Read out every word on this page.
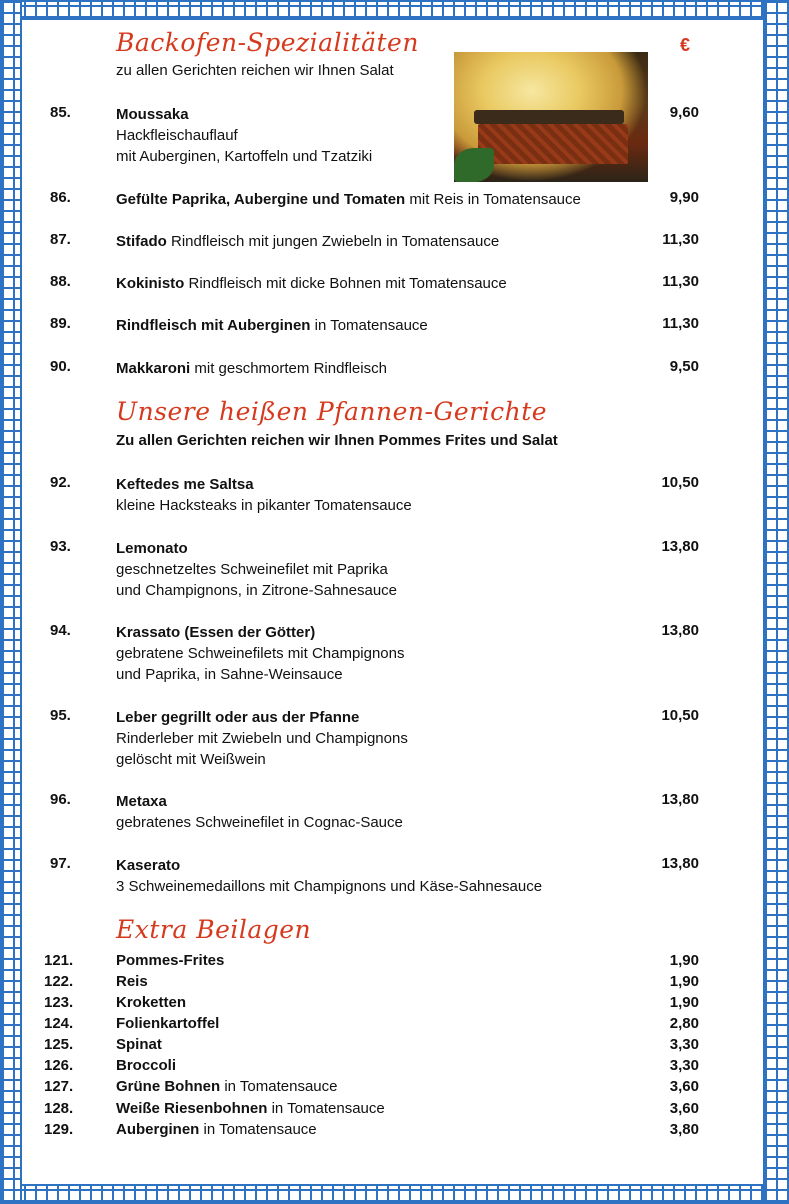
Backofen-Spezialitäten	€
zu allen Gerichten reichen wir Ihnen Salat
85.	Moussaka
Hackfleischauflauf
mit Auberginen, Kartoffeln und Tzatziki
9,60
86.	Gefülte Paprika, Aubergine und Tomaten mit Reis in Tomatensauce	9,90
87.	Stifado Rindfleisch mit jungen Zwiebeln in Tomatensauce	11,30
88.	Kokinisto Rindfleisch mit dicke Bohnen mit Tomatensauce	11,30
89.	Rindfleisch mit Auberginen in Tomatensauce	11,30
90.	Makkaroni mit geschmortem Rindfleisch	9,50
Unsere heißen Pfannen-Gerichte
Zu allen Gerichten reichen wir Ihnen Pommes Frites und Salat
92.	Keftedes me Saltsa
kleine Hacksteaks in pikanter Tomatensauce
10,50
93.	Lemonato
geschnetzeltes Schweinefilet mit Paprika
und Champignons, in Zitrone-Sahnesauce
13,80
94.	Krassato (Essen der Götter)
gebratene Schweinefilets mit Champignons
und Paprika, in Sahne-Weinsauce
13,80
95.	Leber gegrillt oder aus der Pfanne
Rinderleber mit Zwiebeln und Champignons
gelöscht mit Weißwein
10,50
96.	Metaxa
gebratenes Schweinefilet in Cognac-Sauce
13,80
97.	Kaserato
3 Schweinemedaillons mit Champignons und Käse-Sahnesauce
13,80
Extra Beilagen
121.	Pommes-Frites	1,90
122.	Reis	1,90
123.	Kroketten	1,90
124.	Folienkartoffel	2,80
125.	Spinat	3,30
126.	Broccoli	3,30
127.	Grüne Bohnen in Tomatensauce	3,60
128.	Weiße Riesenbohnen in Tomatensauce	3,60
129.	Auberginen in Tomatensauce	3,80
